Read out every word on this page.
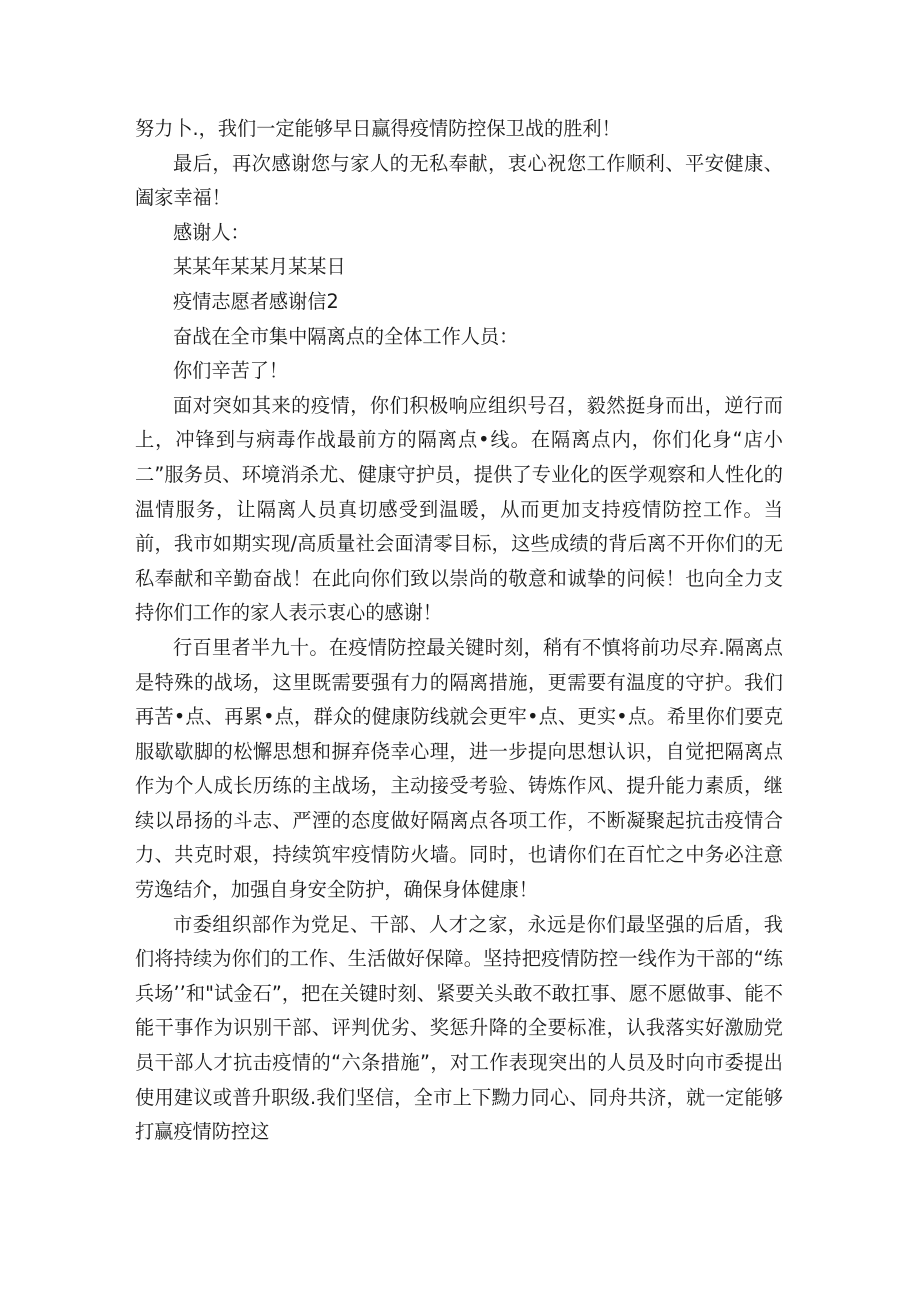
努力卜.，我们一定能够早日赢得疫情防控保卫战的胜利！

最后，再次感谢您与家人的无私奉献，衷心祝您工作顺利、平安健康、阖家幸福！

感谢人：

某某年某某月某某日

疫情志愿者感谢信2

奋战在全市集中隔离点的全体工作人员：

你们辛苦了！

面对突如其来的疫情，你们积极响应组织号召，毅然挺身而出，逆行而上，冲锋到与病毒作战最前方的隔离点•线。在隔离点内，你们化身“店小二”服务员、环境消杀尤、健康守护员，提供了专业化的医学观察和人性化的温情服务，让隔离人员真切感受到温暖，从而更加支持疫情防控工作。当前，我市如期实现/高质量社会面清零目标，这些成绩的背后离不开你们的无私奉献和辛勤奋战！在此向你们致以崇尚的敬意和诚挚的问候！也向全力支持你们工作的家人表示衷心的感谢！

行百里者半九十。在疫情防控最关键时刻，稍有不慎将前功尽弃.隔离点是特殊的战场，这里既需要强有力的隔离措施，更需要有温度的守护。我们再苦•点、再累•点，群众的健康防线就会更牢•点、更实•点。希里你们要克服歇歇脚的松懈思想和摒弃侥幸心理，进一步提向思想认识，自觉把隔离点作为个人成长历练的主战场，主动接受考验、铸炼作风、提升能力素质，继续以昂扬的斗志、严湮的态度做好隔离点各项工作，不断凝聚起抗击疫情合力、共克时艰，持续筑牢疫情防火墙。同时，也请你们在百忙之中务必注意劳逸结介，加强自身安全防护，确保身体健康！

市委组织部作为党足、干部、人才之家，永远是你们最坚强的后盾，我们将持续为你们的工作、生活做好保障。坚持把疫情防控一线作为干部的“练兵场’’和"试金石”，把在关键时刻、紧要关头敢不敢扛事、愿不愿做事、能不能干事作为识别干部、评判优劣、奖惩升降的全要标准，认我落实好激励党员干部人才抗击疫情的“六条措施”，对工作表现突出的人员及时向市委提出使用建议或普升职级.我们坚信，全市上下黝力同心、同舟共济，就一定能够打赢疫情防控这
